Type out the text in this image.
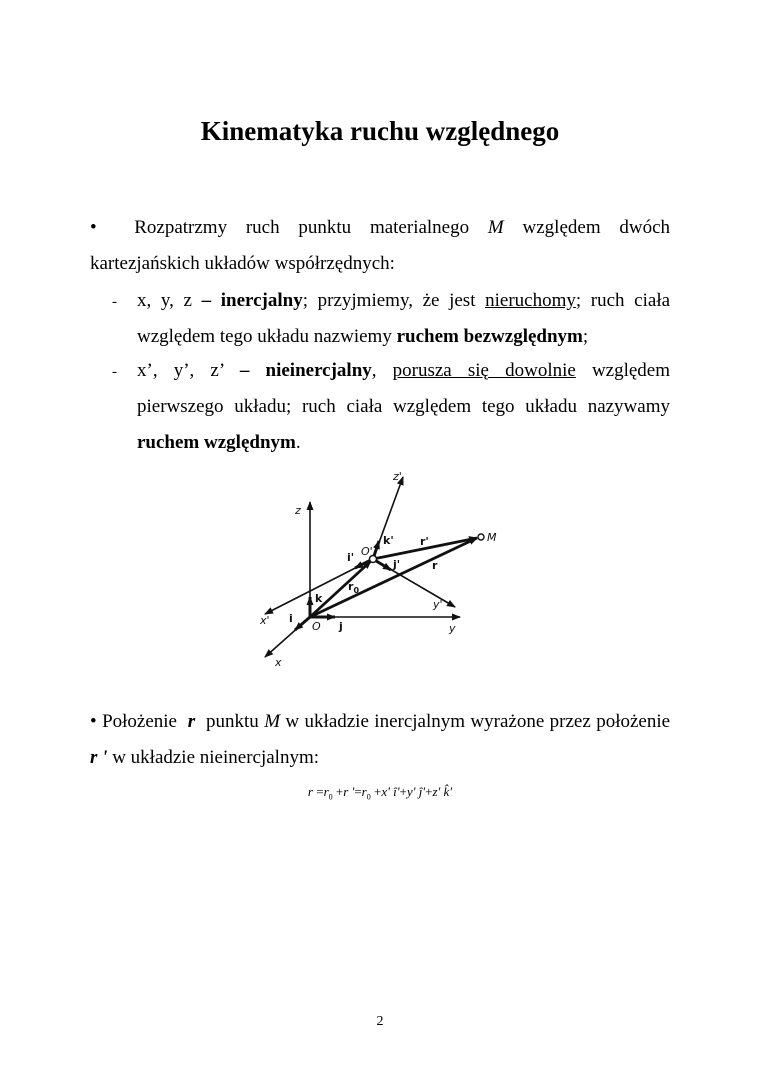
Kinematyka ruchu względnego
• Rozpatrzmy ruch punktu materialnego M względem dwóch kartezjańskich układów współrzędnych:
- x, y, z – inercjalny; przyjmiemy, że jest nieruchomy; ruch ciała względem tego układu nazwiemy ruchem bezwzględnym;
- x’, y’, z’ – nieinercjalny, porusza się dowolnie względem pierwszego układu; ruch ciała względem tego układu nazywamy ruchem względnym.
z
z'
i' O'
k' r'	M
j'	r
$r_0$
k	y'
x' i
O j	y
x
• Położenie r punktu M w układzie inercjalnym wyrażone przez położenie r ' w układzie nieinercjalnym:
$r =r_0 +r$ '$=r_0 +x$' î'+y' ĵ'+z' k̂'
2
